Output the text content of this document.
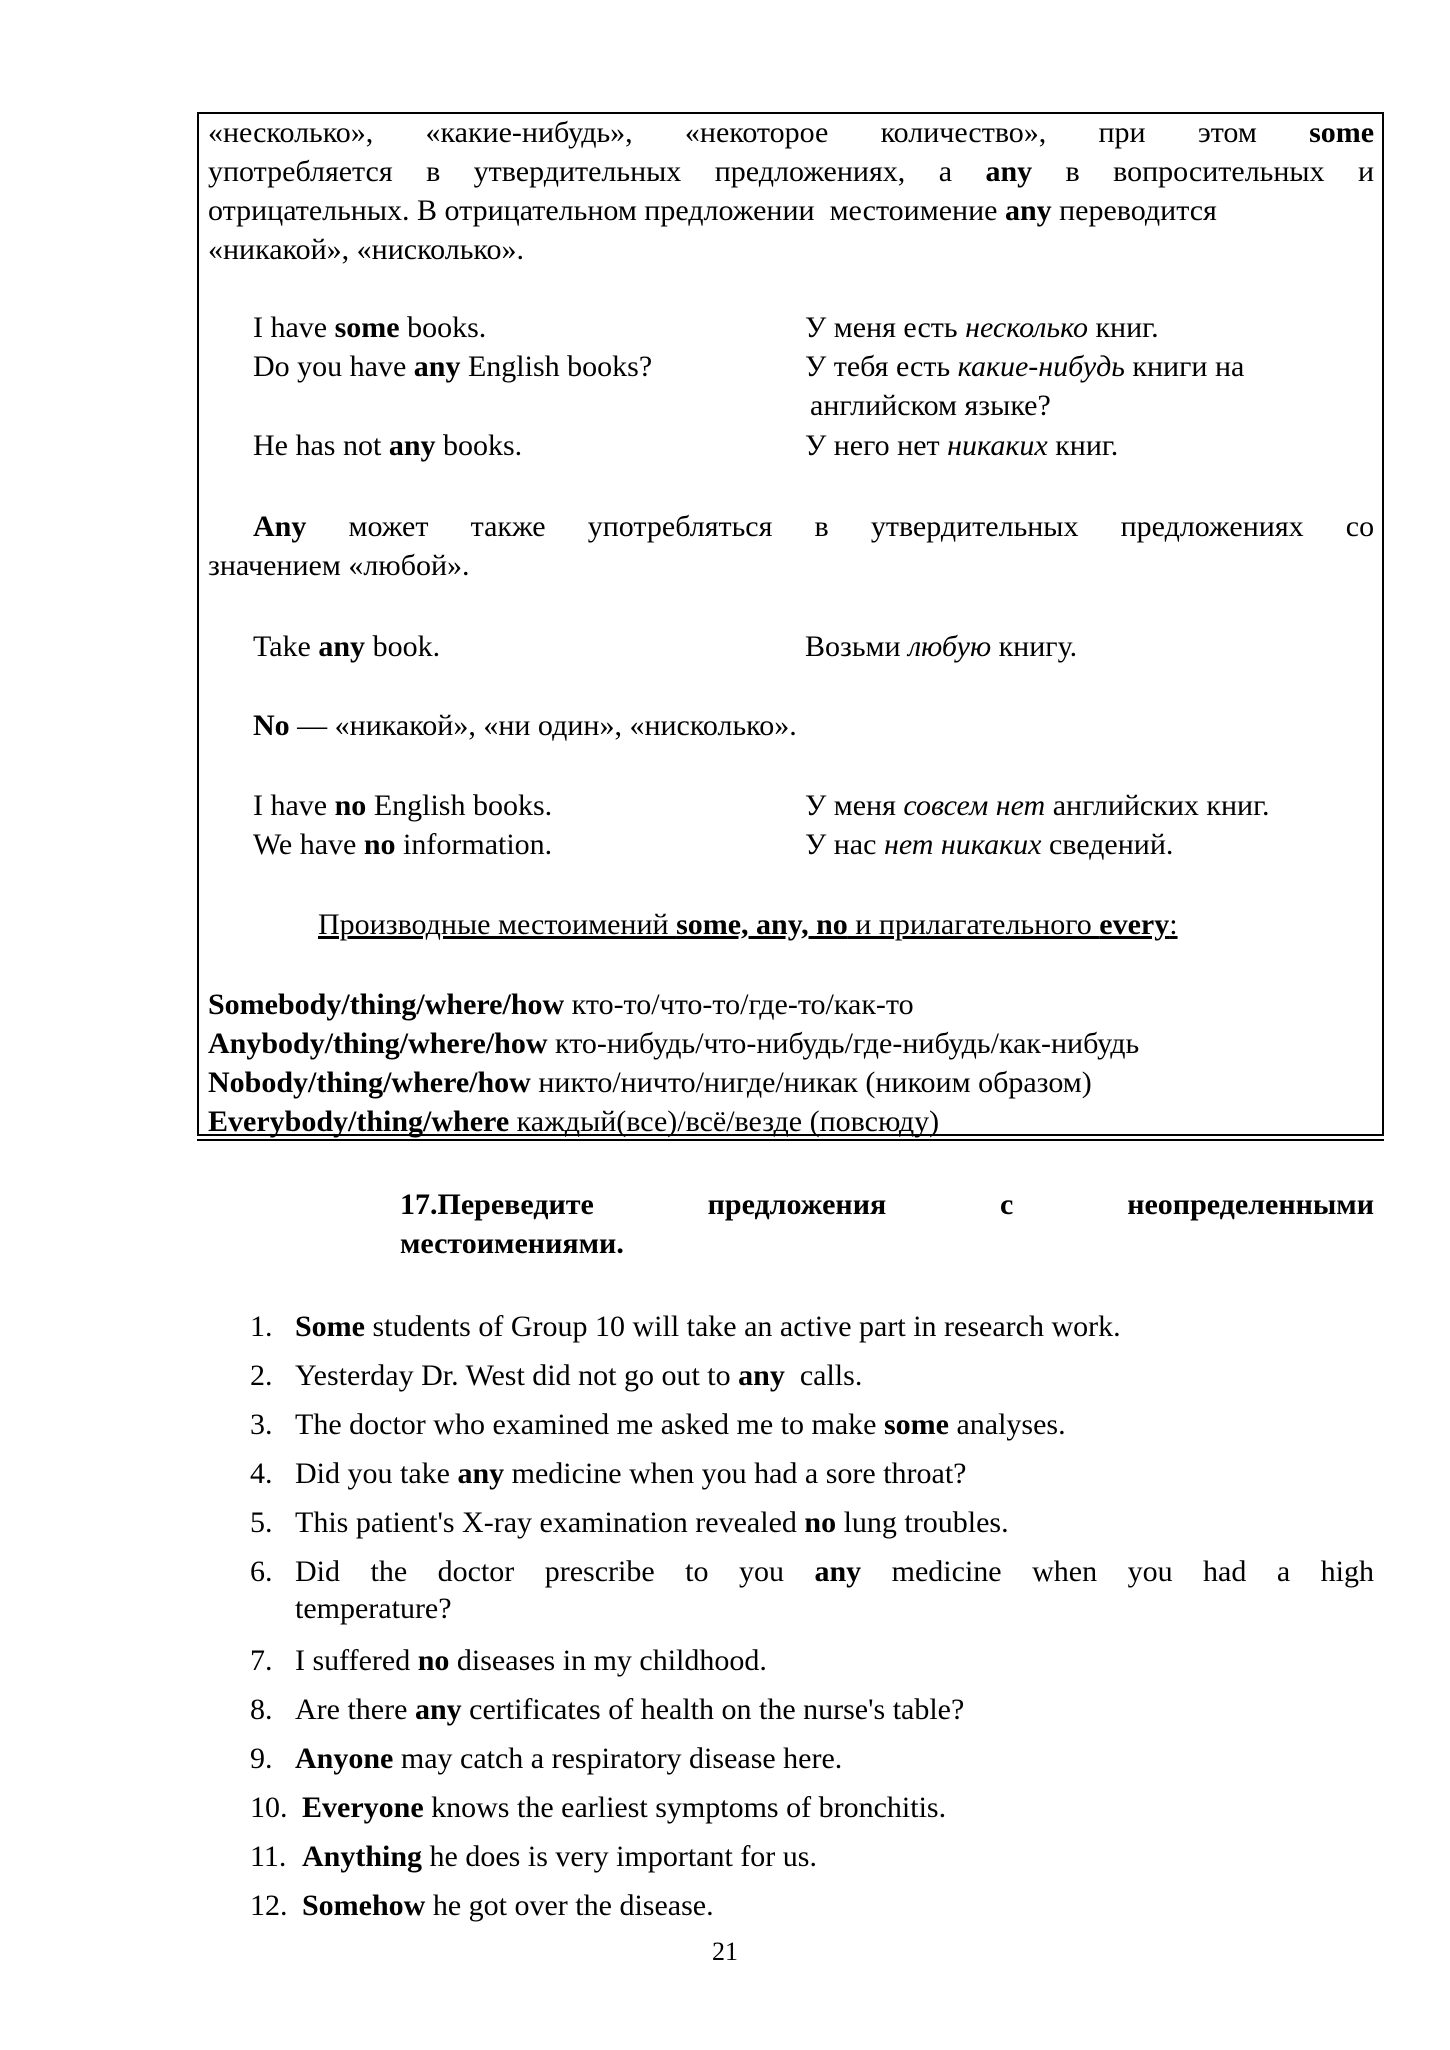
«несколько», «какие-нибудь», «некоторое количество», при этом some
употребляется в утвердительных предложениях, а any в вопросительных и
отрицательных. В отрицательном предложении  местоимение any переводится
«никакой», «нисколько».
I have some books.	У меня есть несколько книг.
Do you have any English books?	У тебя есть какие-нибудь книги на
английском языке?
He has not any books.	У него нет никаких книг.
Any может также употребляться в утвердительных предложениях со
значением «любой».
Take any book.	Возьми любую книгу.
No — «никакой», «ни один», «нисколько».
I have no English books.	У меня совсем нет английских книг.
We have no information.	У нас нет никаких сведений.
Производные местоимений some, any, no и прилагательного every:
Somebody/thing/where/how кто-то/что-то/где-то/как-то
Anybody/thing/where/how кто-нибудь/что-нибудь/где-нибудь/как-нибудь
Nobody/thing/where/how никто/ничто/нигде/никак (никоим образом)
Everybody/thing/where каждый(все)/всё/везде (повсюду)
17.Переведите	предложения	с	неопределенными
местоимениями.
1. Some students of Group 10 will take an active part in research work.
2. Yesterday Dr. West did not go out to any  calls.
3. The doctor who examined me asked me to make some analyses.
4. Did you take any medicine when you had a sore throat?
5. This patient's X-ray examination revealed no lung troubles.
6. Did the doctor prescribe to you any medicine when you had a high
temperature?
7. I suffered no diseases in my childhood.
8. Are there any certificates of health on the nurse's table?
9. Anyone may catch a respiratory disease here.
10. Everyone knows the earliest symptoms of bronchitis.
11. Anything he does is very important for us.
12. Somehow he got over the disease.
21
